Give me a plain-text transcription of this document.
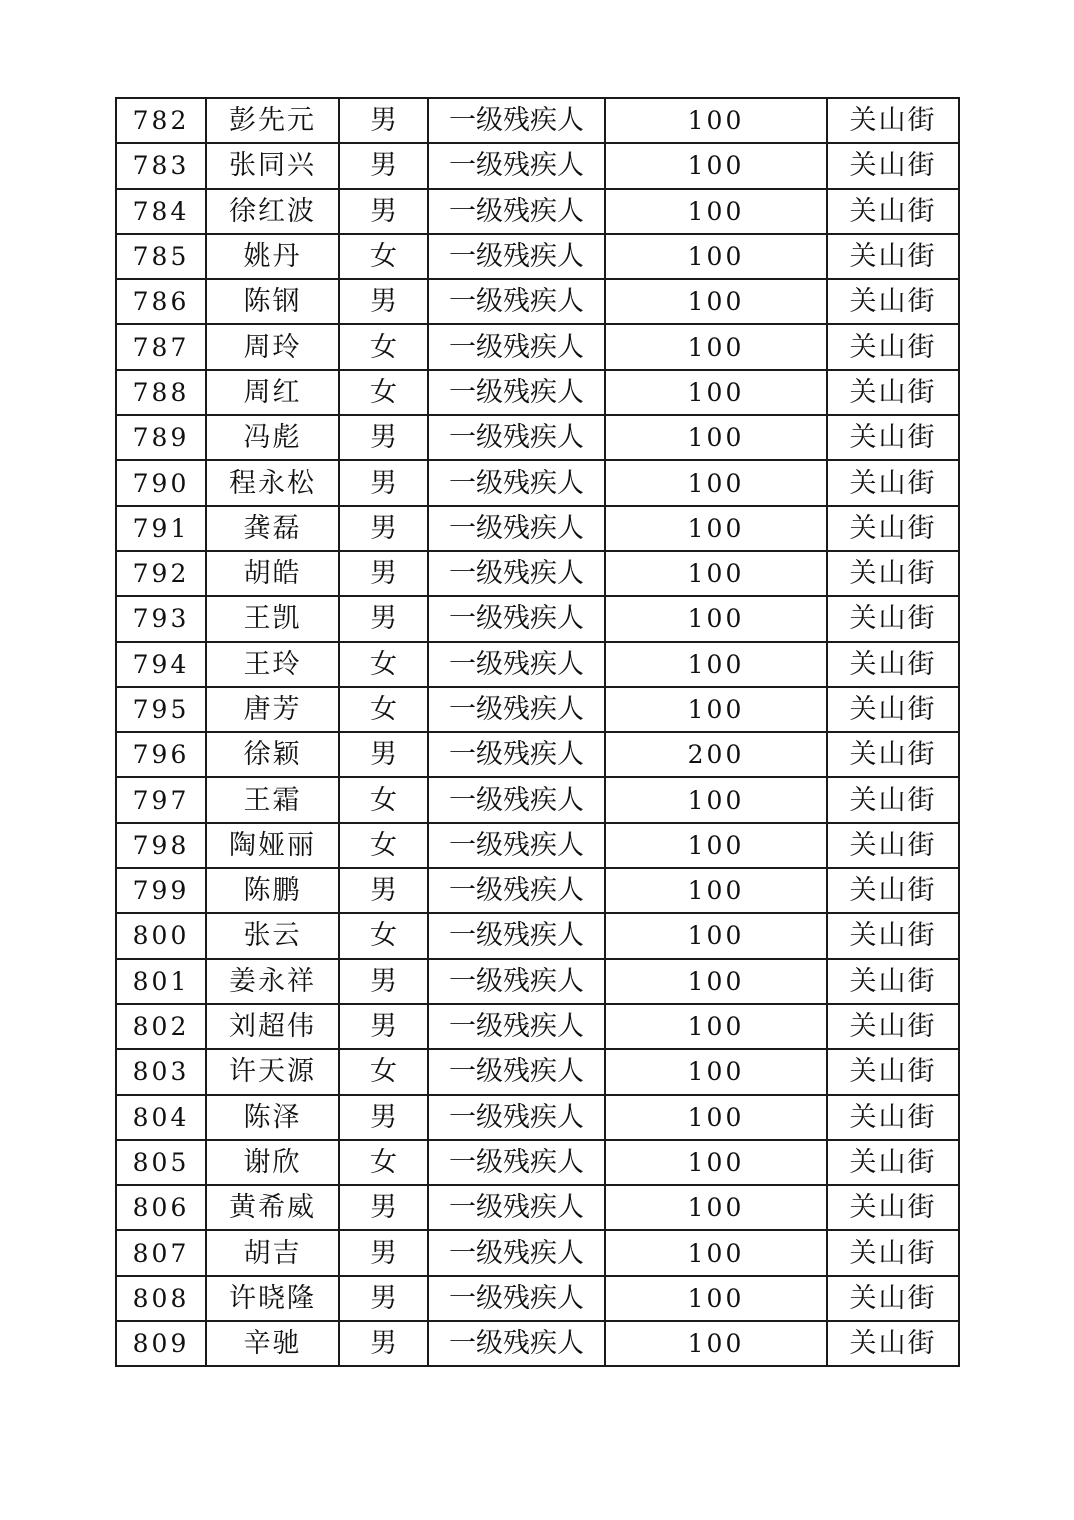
782	彭先元	男	一级残疾人	100	关山街
783	张同兴	男	一级残疾人	100	关山街
784	徐红波	男	一级残疾人	100	关山街
785	姚丹	女	一级残疾人	100	关山街
786	陈钢	男	一级残疾人	100	关山街
787	周玲	女	一级残疾人	100	关山街
788	周红	女	一级残疾人	100	关山街
789	冯彪	男	一级残疾人	100	关山街
790	程永松	男	一级残疾人	100	关山街
791	龚磊	男	一级残疾人	100	关山街
792	胡皓	男	一级残疾人	100	关山街
793	王凯	男	一级残疾人	100	关山街
794	王玲	女	一级残疾人	100	关山街
795	唐芳	女	一级残疾人	100	关山街
796	徐颖	男	一级残疾人	200	关山街
797	王霜	女	一级残疾人	100	关山街
798	陶娅丽	女	一级残疾人	100	关山街
799	陈鹏	男	一级残疾人	100	关山街
800	张云	女	一级残疾人	100	关山街
801	姜永祥	男	一级残疾人	100	关山街
802	刘超伟	男	一级残疾人	100	关山街
803	许天源	女	一级残疾人	100	关山街
804	陈泽	男	一级残疾人	100	关山街
805	谢欣	女	一级残疾人	100	关山街
806	黄希威	男	一级残疾人	100	关山街
807	胡吉	男	一级残疾人	100	关山街
808	许晓隆	男	一级残疾人	100	关山街
809	辛驰	男	一级残疾人	100	关山街
